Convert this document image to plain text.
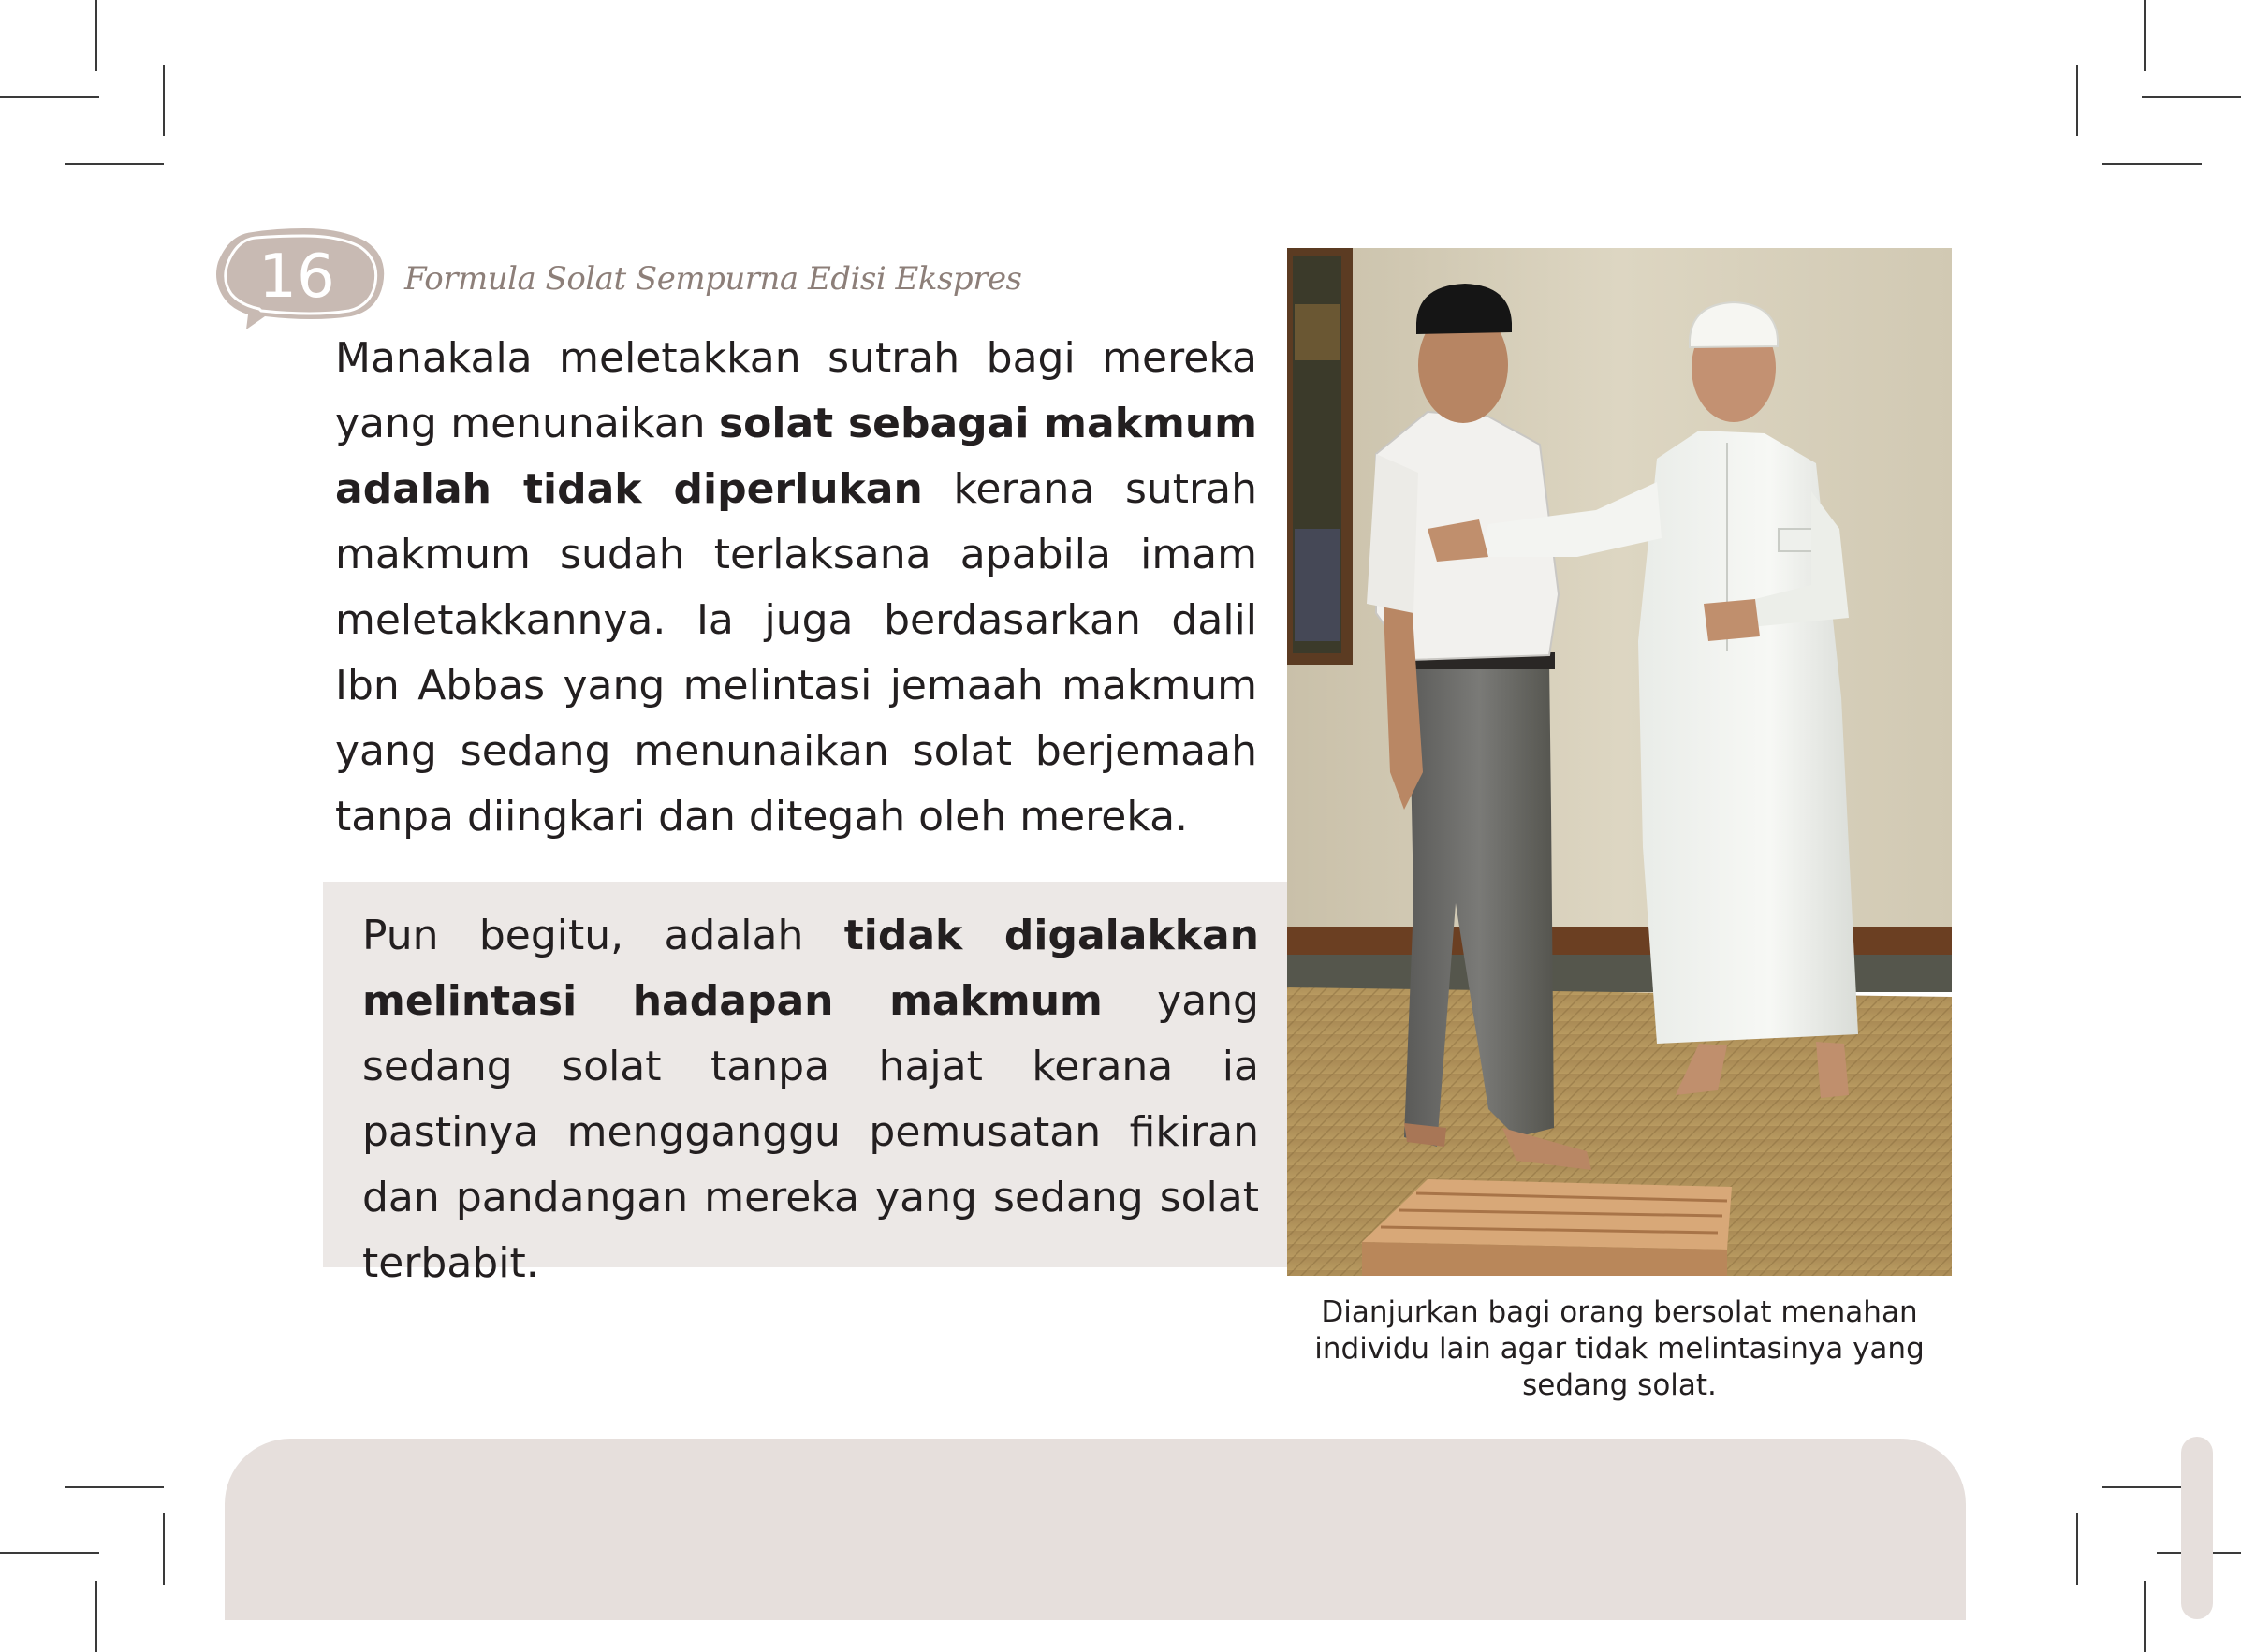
16	Formula Solat Sempurna Edisi Ekspres

Manakala meletakkan sutrah bagi mereka yang menunaikan solat sebagai makmum adalah tidak diperlukan kerana sutrah makmum sudah terlaksana apabila imam meletakkannya. Ia juga berdasarkan dalil Ibn Abbas yang melintasi jemaah makmum yang sedang menunaikan solat berjemaah tanpa diingkari dan ditegah oleh mereka.

Pun begitu, adalah tidak digalakkan melintasi hadapan makmum yang sedang solat tanpa hajat kerana ia pastinya mengganggu pemusatan fikiran dan pandangan mereka yang sedang solat terbabit.

Dianjurkan bagi orang bersolat menahan individu lain agar tidak melintasinya yang sedang solat.
